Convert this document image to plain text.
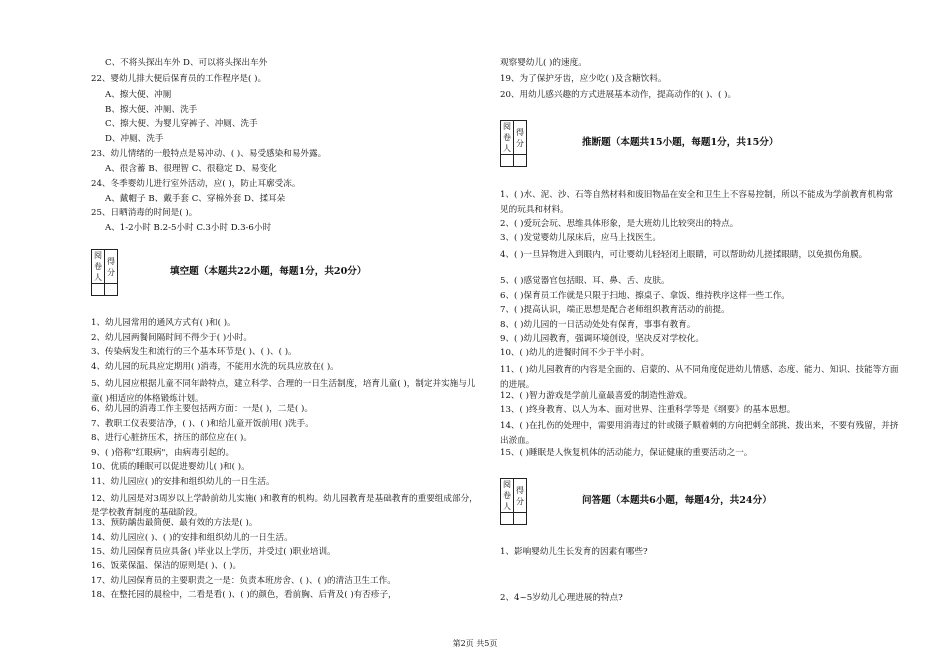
C、不将头探出车外 D、可以将头探出车外
22、婴幼儿排大便后保育员的工作程序是( )。
A、擦大便、冲厕
B、擦大便、冲厕、洗手
C、擦大便、为婴儿穿裤子、冲厕、洗手
D、冲厕、洗手
23、幼儿情绪的一般特点是易冲动、( )、易受感染和易外露。
A、很含蓄 B、很理智 C、很稳定 D、易变化
24、冬季婴幼儿进行室外活动，应( )，防止耳廓受冻。
A、戴帽子 B、戴手套 C、穿棉外套 D、揉耳朵
25、日晒消毒的时间是( )。
A、1-2小时 B.2-5小时 C.3小时 D.3-6小时
阅卷人	得分
		填空题（本题共22小题，每题1分，共20分）
1、幼儿园常用的通风方式有( )和( )。
2、幼儿园两餐间隔时间不得少于( )小时。
3、传染病发生和流行的三个基本环节是( )、( )、( )。
4、幼儿园的玩具应定期用( )消毒，不能用水洗的玩具应放在( )。
5、幼儿园应根据儿童不同年龄特点，建立科学、合理的一日生活制度，培育儿童( )，制定并实施与儿童( )相适应的体格锻炼计划。
6、幼儿园的消毒工作主要包括两方面：一是( )，二是( )。
7、教职工仪表要洁净，( )、( )和给儿童开饭前用( )洗手。
8、进行心脏挤压术，挤压的部位应在( )。
9、( )俗称"红眼病"，由病毒引起的。
10、优质的睡眠可以促进婴幼儿( )和( )。
11、幼儿园应( )的安排和组织幼儿的一日生活。
12、幼儿园是对3周岁以上学龄前幼儿实施( )和教育的机构。幼儿园教育是基础教育的重要组成部分，是学校教育制度的基础阶段。
13、预防龋齿最简便、最有效的方法是( )。
14、幼儿园应( )、( )的安排和组织幼儿的一日生活。
15、幼儿园保育员应具备( )毕业以上学历，并受过( )职业培训。
16、饭菜保温、保洁的原则是( )、( )。
17、幼儿园保育员的主要职责之一是：负责本班房舍、( )、( )的清洁卫生工作。
18、在整托园的晨检中，二看是看( )、( )的颜色，看前胸、后背及( )有否疹子，
观察婴幼儿( )的速度。
19、为了保护牙齿，应少吃( )及含糖饮料。
20、用幼儿感兴趣的方式进展基本动作，提高动作的( )、( )。
阅卷人	得分
		推断题（本题共15小题，每题1分，共15分）
1、( )水、泥、沙、石等自然材料和废旧物品在安全和卫生上不容易控制，所以不能成为学前教育机构常见的玩具和材料。
2、( )爱玩会玩、思维具体形象，是大班幼儿比较突出的特点。
3、( )发觉婴幼儿尿床后，应马上找医生。
4、( )一旦异物进入到眼内，可让婴幼儿轻轻闭上眼睛，可以帮助幼儿搓揉眼睛，以免损伤角膜。
5、( )感觉器官包括眼、耳、鼻、舌、皮肤。
6、( )保育员工作就是只限于扫地、擦桌子、拿饭、维持秩序这样一些工作。
7、( )提高认识，端正思想是配合老师组织教育活动的前提。
8、( )幼儿园的一日活动处处有保育，事事有教育。
9、( )幼儿园教育，强调环境创设，坚决反对学校化。
10、( )幼儿的进餐时间不少于半小时。
11、( )幼儿园教育的内容是全面的、启蒙的、从不同角度促进幼儿情感、态度、能力、知识、技能等方面的进展。
12、( )智力游戏是学前儿童最喜爱的制造性游戏。
13、( )终身教育、以人为本、面对世界、注重科学等是《纲要》的基本思想。
14、( )在扎伤的处理中，需要用消毒过的针或镊子顺着刺的方向把刺全部挑、拨出来，不要有残留，并挤出淤血。
15、( )睡眠是人恢复机体的活动能力，保证健康的重要活动之一。
阅卷人	得分
		问答题（本题共6小题，每题4分，共24分）
1、影响婴幼儿生长发育的因素有哪些?
2、4~5岁幼儿心理进展的特点?
第2页 共5页
